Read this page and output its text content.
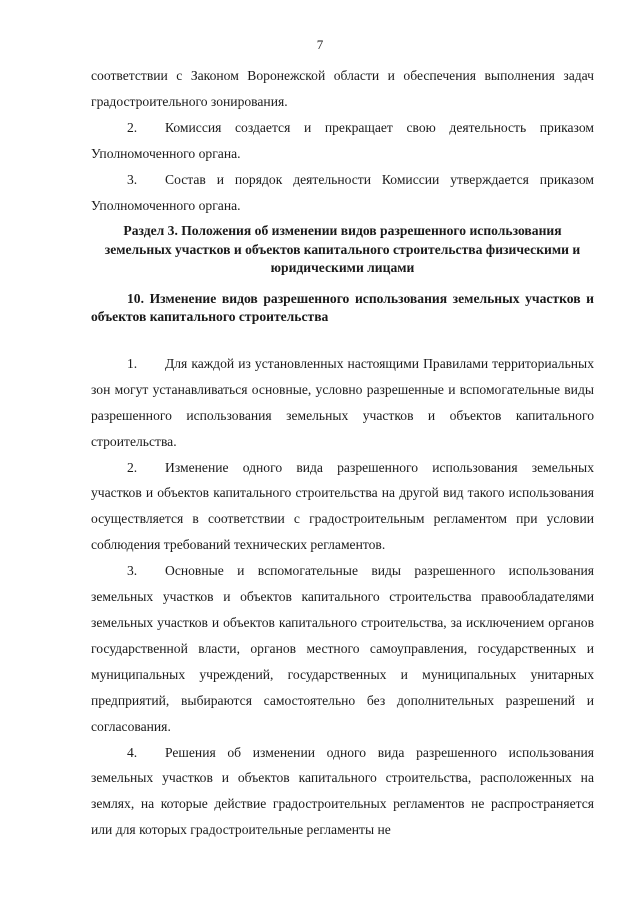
7

соответствии с Законом Воронежской области и обеспечения выполнения задач градостроительного зонирования.

2. Комиссия создается и прекращает свою деятельность приказом Уполномоченного органа.

3. Состав и порядок деятельности Комиссии утверждается приказом Уполномоченного органа.

Раздел 3. Положения об изменении видов разрешенного использования земельных участков и объектов капитального строительства физическими и юридическими лицами

10. Изменение видов разрешенного использования земельных участков и объектов капитального строительства

1. Для каждой из установленных настоящими Правилами территориальных зон могут устанавливаться основные, условно разрешенные и вспомогательные виды разрешенного использования земельных участков и объектов капитального строительства.

2. Изменение одного вида разрешенного использования земельных участков и объектов капитального строительства на другой вид такого использования осуществляется в соответствии с градостроительным регламентом при условии соблюдения требований технических регламентов.

3. Основные и вспомогательные виды разрешенного использования земельных участков и объектов капитального строительства правообладателями земельных участков и объектов капитального строительства, за исключением органов государственной власти, органов местного самоуправления, государственных и муниципальных учреждений, государственных и муниципальных унитарных предприятий, выбираются самостоятельно без дополнительных разрешений и согласования.

4. Решения об изменении одного вида разрешенного использования земельных участков и объектов капитального строительства, расположенных на землях, на которые действие градостроительных регламентов не распространяется или для которых градостроительные регламенты не
